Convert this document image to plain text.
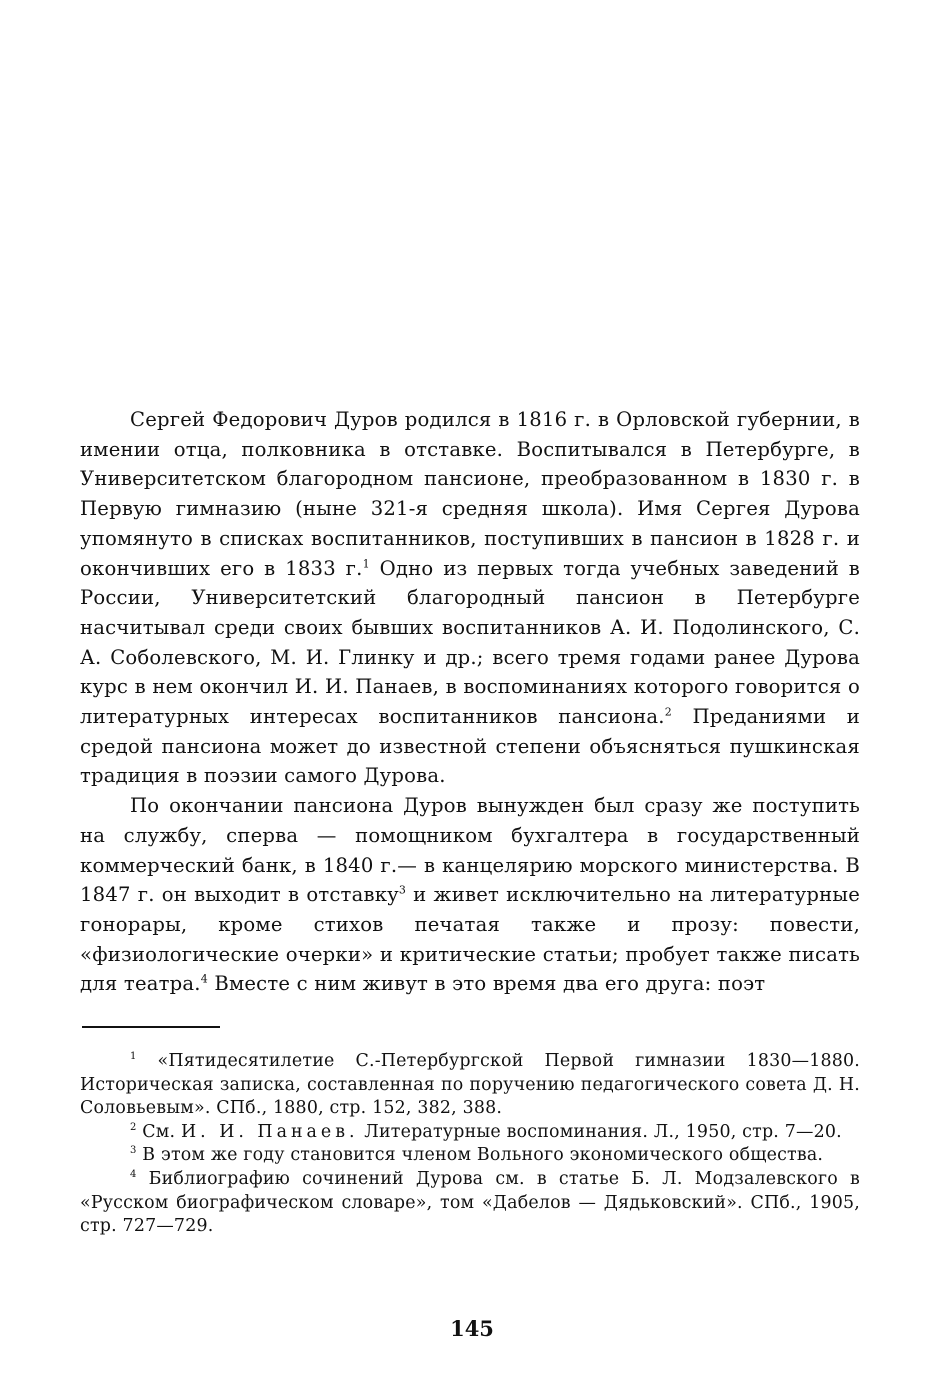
Сергей Федорович Дуров родился в 1816 г. в Орловской губернии, в имении отца, полковника в отставке. Воспитывался в Петербурге, в Университетском благородном пансионе, преобразованном в 1830 г. в Первую гимназию (ныне 321-я средняя школа). Имя Сергея Дурова упомянуто в списках воспитанников, поступивших в пансион в 1828 г. и окончивших его в 1833 г.$^1$ Одно из первых тогда учебных заведений в России, Университетский благородный пансион в Петербурге насчитывал среди своих бывших воспитанников А. И. Подолинского, С. А. Соболевского, М. И. Глинку и др.; всего тремя годами ранее Дурова курс в нем окончил И. И. Панаев, в воспоминаниях которого говорится о литературных интересах воспитанников пансиона.$^2$ Преданиями и средой пансиона может до известной степени объясняться пушкинская традиция в поэзии самого Дурова.

По окончании пансиона Дуров вынужден был сразу же поступить на службу, сперва — помощником бухгалтера в государственный коммерческий банк, в 1840 г.— в канцелярию морского министерства. В 1847 г. он выходит в отставку$^3$ и живет исключительно на литературные гонорары, кроме стихов печатая также и прозу: повести, «физиологические очерки» и критические статьи; пробует также писать для театра.$^4$ Вместе с ним живут в это время два его друга: поэт

$^1$ «Пятидесятилетие С.-Петербургской Первой гимназии 1830—1880. Историческая записка, составленная по поручению педагогического совета Д. Н. Соловьевым». СПб., 1880, стр. 152, 382, 388.

$^2$ См. И. И. Панаев. Литературные воспоминания. Л., 1950, стр. 7—20.

$^3$ В этом же году становится членом Вольного экономического общества.

$^4$ Библиографию сочинений Дурова см. в статье Б. Л. Модзалевского в «Русском биографическом словаре», том «Дабелов — Дядьковский». СПб., 1905, стр. 727—729.

145
